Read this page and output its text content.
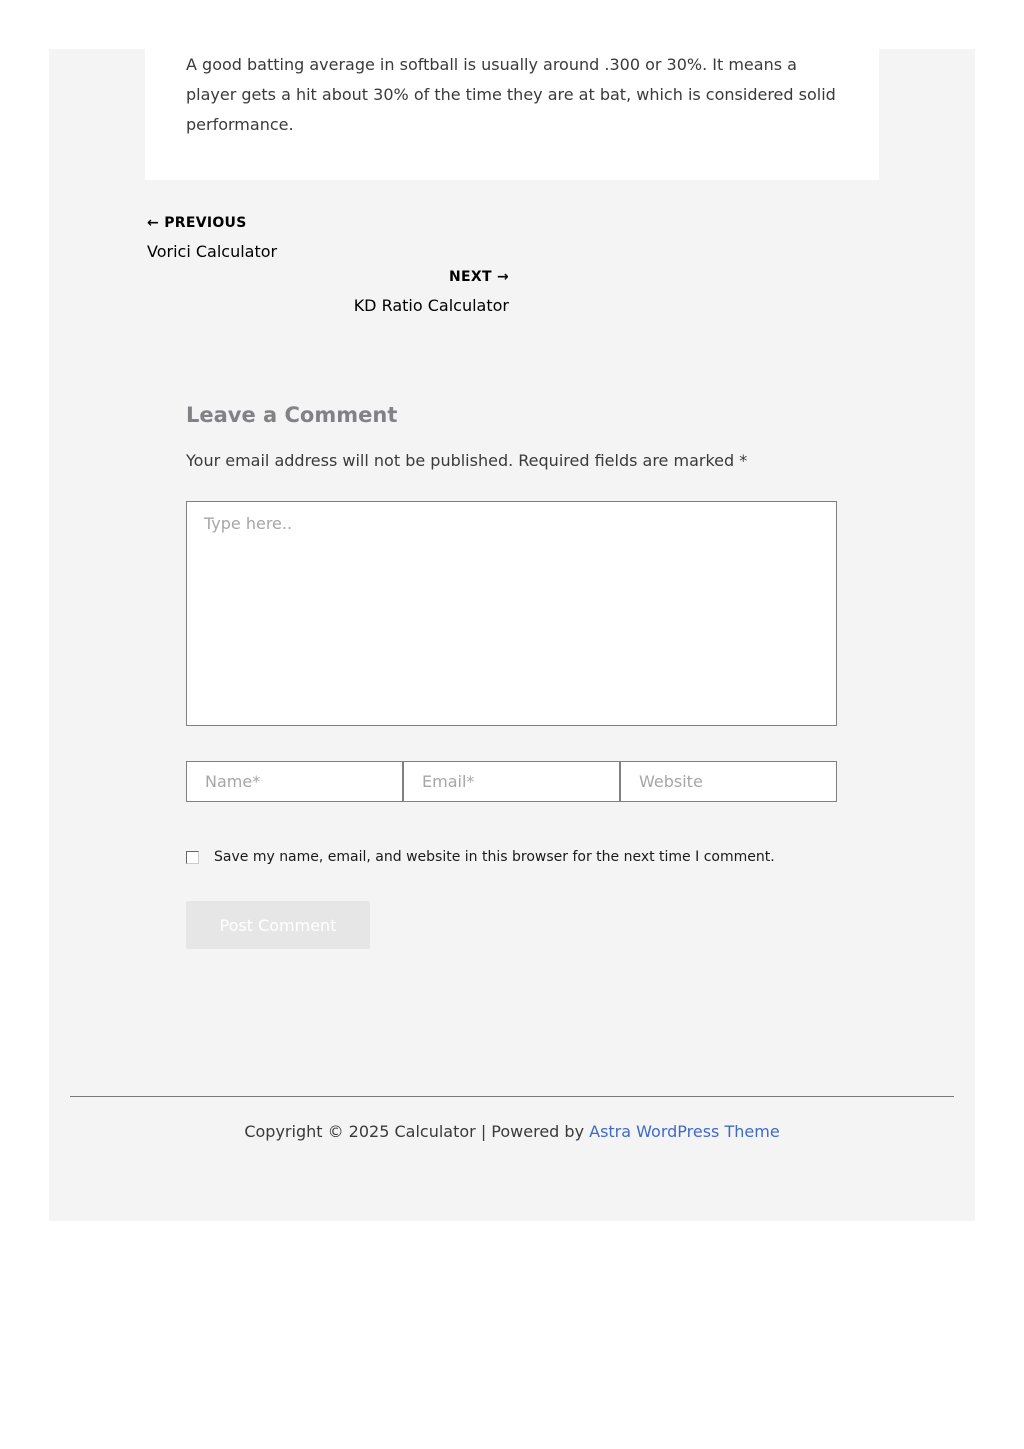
A good batting average in softball is usually around .300 or 30%. It means a player gets a hit about 30% of the time they are at bat, which is considered solid performance.

← PREVIOUS
Vorici Calculator
NEXT →
KD Ratio Calculator
Leave a Comment

Your email address will not be published. Required fields are marked *

Type here..
Name*
Email*
Website
Save my name, email, and website in this browser for the next time I comment.
Post Comment
Copyright © 2025 Calculator | Powered by Astra WordPress Theme
